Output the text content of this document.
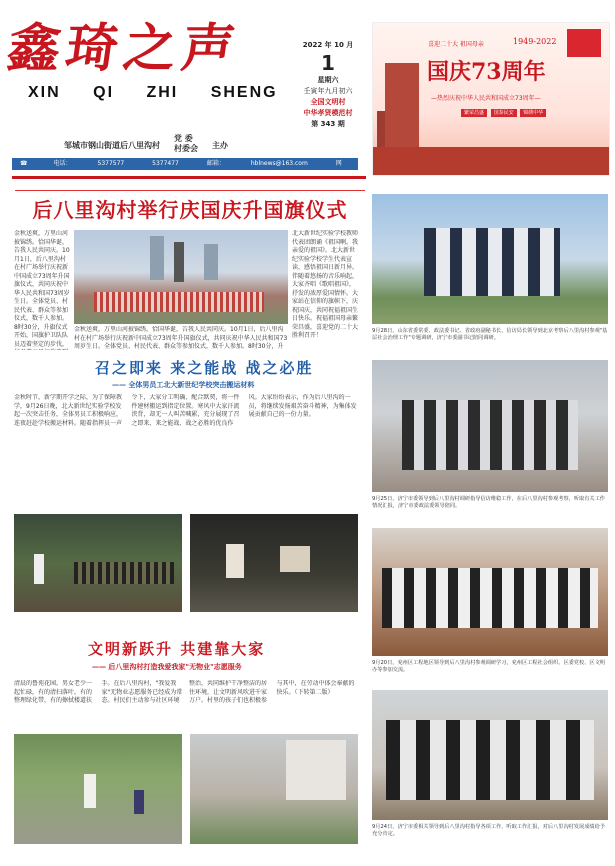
鑫琦之声
XIN QI ZHI SHENG
邹城市钢山街道后八里沟村
党 委
村委会 主办
2022 年 10 月
1
星期六
壬寅年九月初六
全国文明村
中华孝贤模范村
第 343 期
喜迎二十大 祖国母亲	1949-2022
国庆73周年
—热烈庆祝中华人民共和国成立73周年—
繁荣昌盛 国泰民安 锦绣中华
☎	电话：	5377577	5377477	邮箱：	hblnews@163.com	网
后八里沟村举行庆国庆升国旗仪式
金秋送爽，万里山河披锦绣。恰国华诞，告我人民共同庆。10月1日，后八里沟村在村广场举行庆祝新中国成立73周年升国旗仪式，共同庆祝中华人民共和国73周岁生日。全体党员、村民代表、群众等参加仪式，数千人参加。8时30分，升旗仪式开始，国旗护卫队队员迈着坚定的步伐，
金秋送爽，万里山河披锦绣。恰国华诞，告我人民共同庆。10月1日，后八里沟村在村广场举行庆祝新中国成立73周年升国旗仪式，共同庆祝中华人民共和国73周岁生日。全体党员、村民代表、群众等参加仪式，数千人参加。8时30分，升
北大新世纪实验学校教师代表团朗诵《祖国啊，我亲爱的祖国》。北大新世纪实验学校学生代表宣读，感悟祖国日新月异。伴随着悠扬的音乐响起，大家齐唱《歌唱祖国》，抒发的浓厚爱国情怀。大家站在信仰的旗帜下，庆祝国庆，共同祝福祖国生日快乐。祝福祖国母亲繁荣昌盛，喜迎党的二十大胜利召开！
召之即来 来之能战 战之必胜
—— 全体男员工北大新世纪学校突击搬运材料
金秋时节，新学期开学之际，为了保障教学，9月26日晚，北大新世纪实验学校发起一次突击任务，全体男员工积极响应，连夜赶赴学校搬运材料。随着指挥员一声令下，大家分工明确、配合默契，将一件件建材搬运到指定位置。寒风中大家汗流浃背，却无一人叫苦喊累，充分展现了召之即来、来之能战、战之必胜的优良作风。大家纷纷表示，作为后八里沟的一员，将继续发扬艰苦奋斗精神，为集体发展贡献自己的一份力量。
文明新跃升 共建靠大家
—— 后八里沟村打造我爱我家"无物业"志愿服务
清晨的鲁苑花园，男女老少一起忙碌，有的清扫落叶，有的整理绿化带，有的擦拭楼道扶手。在后八里沟村，"我爱我家"无物业志愿服务已经成为常态。村民们主动参与社区环境整治，共同维护干净整洁的居住环境，让文明新风吹进千家万户。村里的孩子们也积极参与其中，在劳动中体会奉献的快乐。（下转第二版）
9月28日，山东省委常委、政法委书记、省政府副秘书长，信访局长领导到北京考察后八里沟村参观"基层社会治理工作"专题调研，济宁市委副书记陪同调研。
9月25日，济宁市委领导到后八里沟村调研指导信访维稳工作，在后八里沟村参观考察，听取有关工作情况汇报，济宁市委政法委领导陪同。
9月20日，兖州区工程地区领导到后八里沟村参观调研学习，兖州区工程社会组织、区委党校、区文明办等参加交流。
9月24日，济宁市委相关领导到后八里沟村指导各项工作，听取工作汇报，对后八里沟村发展成绩给予充分肯定。
